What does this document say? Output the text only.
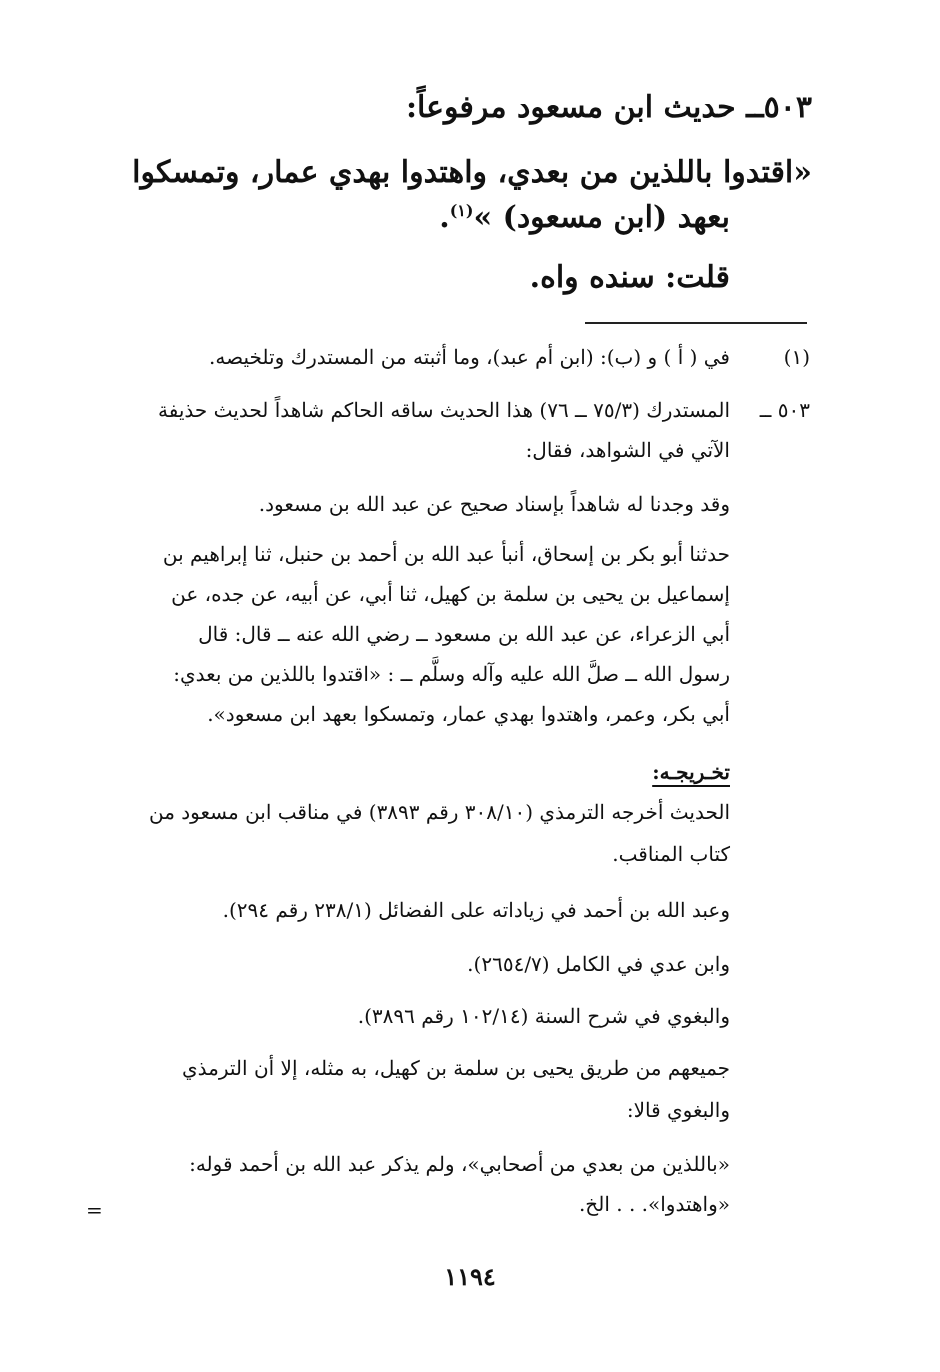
٥٠٣ــ حديث ابن مسعود مرفوعاً:
«اقتدوا باللذين من بعدي، واهتدوا بهدي عمار، وتمسكوا
بعهد (ابن مسعود) »$^{(١)}$.
قلت: سنده واه.
(١)
في ( أ ) و (ب): (ابن أم عبد)، وما أثبته من المستدرك وتلخيصه.
٥٠٣ ــ
المستدرك (٧٥/٣ ــ ٧٦) هذا الحديث ساقه الحاكم شاهداً لحديث حذيفة
الآتي في الشواهد، فقال:
وقد وجدنا له شاهداً بإسناد صحيح عن عبد الله بن مسعود.
حدثنا أبو بكر بن إسحاق، أنبأ عبد الله بن أحمد بن حنبل، ثنا إبراهيم بن
إسماعيل بن يحيى بن سلمة بن كهيل، ثنا أبي، عن أبيه، عن جده، عن
أبي الزعراء، عن عبد الله بن مسعود ــ رضي الله عنه ــ قال: قال
رسول الله ــ صلَّ الله عليه وآله وسلَّم ــ : «اقتدوا باللذين من بعدي:
أبي بكر، وعمر، واهتدوا بهدي عمار، وتمسكوا بعهد ابن مسعود».
تخـريجـه:
الحديث أخرجه الترمذي (٣٠٨/١٠ رقم ٣٨٩٣) في مناقب ابن مسعود من
كتاب المناقب.
وعبد الله بن أحمد في زياداته على الفضائل (٢٣٨/١ رقم ٢٩٤).
وابن عدي في الكامل (٢٦٥٤/٧).
والبغوي في شرح السنة (١٠٢/١٤ رقم ٣٨٩٦).
جميعهم من طريق يحيى بن سلمة بن كهيل، به مثله، إلا أن الترمذي
والبغوي قالا:
«باللذين من بعدي من أصحابي»، ولم يذكر عبد الله بن أحمد قوله:
«واهتدوا». . . الخ.
=
١١٩٤
